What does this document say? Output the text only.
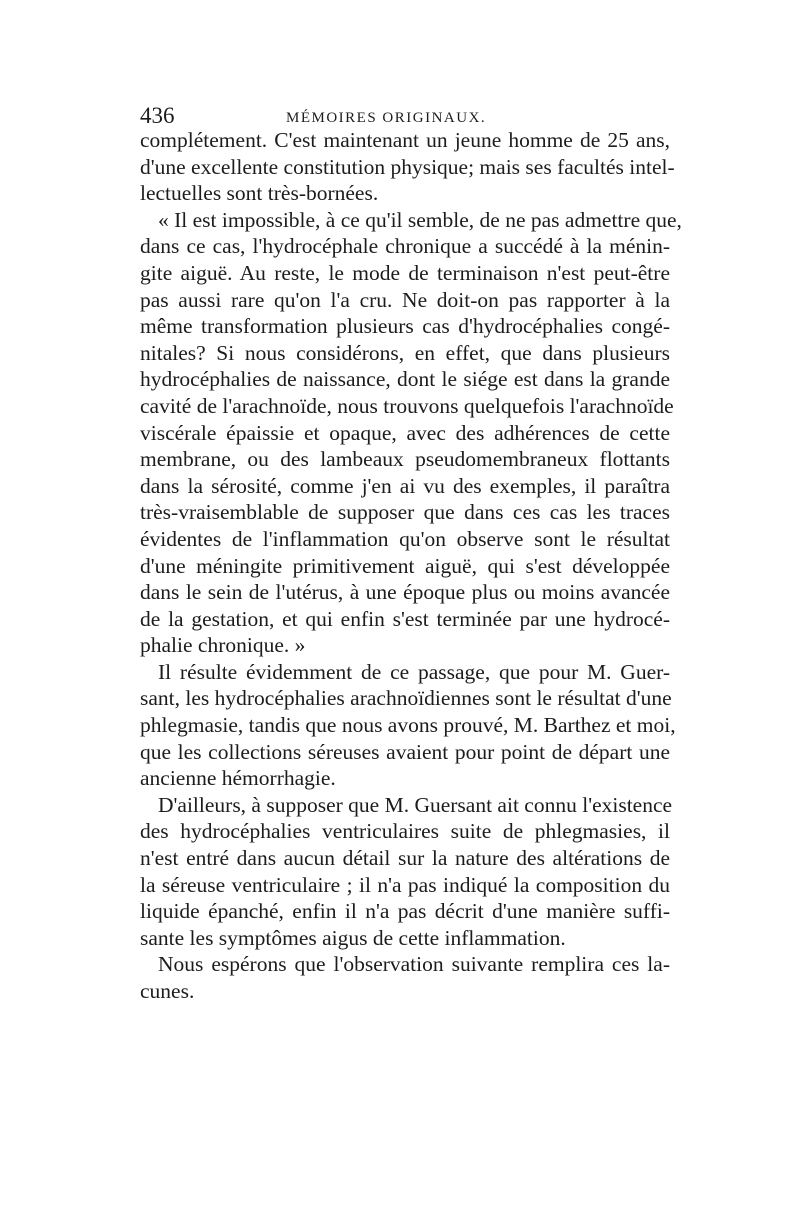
436	MÉMOIRES ORIGINAUX.
complétement. C'est maintenant un jeune homme de 25 ans,
d'une excellente constitution physique; mais ses facultés intel-
lectuelles sont très-bornées.
« Il est impossible, à ce qu'il semble, de ne pas admettre que,
dans ce cas, l'hydrocéphale chronique a succédé à la ménin-
gite aiguë. Au reste, le mode de terminaison n'est peut-être
pas aussi rare qu'on l'a cru. Ne doit-on pas rapporter à la
même transformation plusieurs cas d'hydrocéphalies congé-
nitales? Si nous considérons, en effet, que dans plusieurs
hydrocéphalies de naissance, dont le siége est dans la grande
cavité de l'arachnoïde, nous trouvons quelquefois l'arachnoïde
viscérale épaissie et opaque, avec des adhérences de cette
membrane, ou des lambeaux pseudomembraneux flottants
dans la sérosité, comme j'en ai vu des exemples, il paraîtra
très-vraisemblable de supposer que dans ces cas les traces
évidentes de l'inflammation qu'on observe sont le résultat
d'une méningite primitivement aiguë, qui s'est développée
dans le sein de l'utérus, à une époque plus ou moins avancée
de la gestation, et qui enfin s'est terminée par une hydrocé-
phalie chronique. »
Il résulte évidemment de ce passage, que pour M. Guer-
sant, les hydrocéphalies arachnoïdiennes sont le résultat d'une
phlegmasie, tandis que nous avons prouvé, M. Barthez et moi,
que les collections séreuses avaient pour point de départ une
ancienne hémorrhagie.
D'ailleurs, à supposer que M. Guersant ait connu l'existence
des hydrocéphalies ventriculaires suite de phlegmasies, il
n'est entré dans aucun détail sur la nature des altérations de
la séreuse ventriculaire ; il n'a pas indiqué la composition du
liquide épanché, enfin il n'a pas décrit d'une manière suffi-
sante les symptômes aigus de cette inflammation.
Nous espérons que l'observation suivante remplira ces la-
cunes.
